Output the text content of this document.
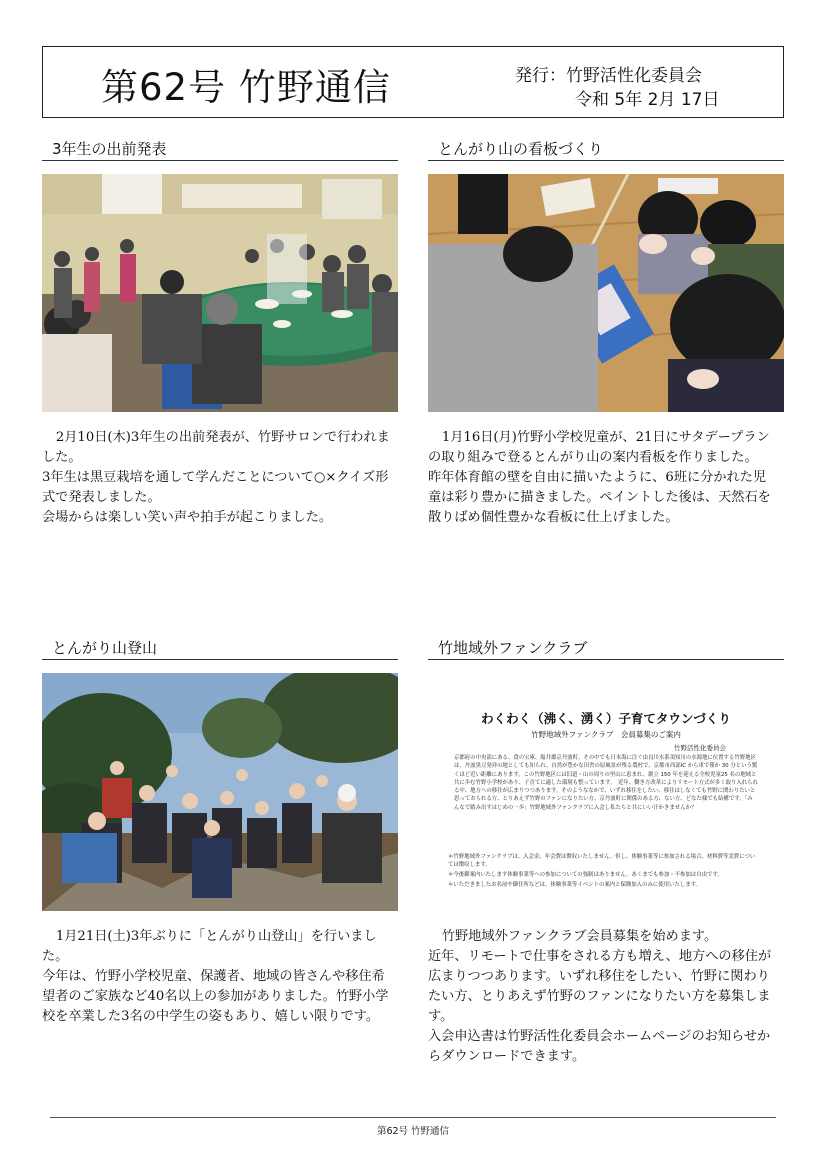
第62号 竹野通信	発行：竹野活性化委員会
令和 5年 2月 17日
3年生の出前発表

2月10日(木)3年生の出前発表が、竹野サロンで行われました。

3年生は黒豆栽培を通して学んだことについて○×クイズ形式で発表しました。

会場からは楽しい笑い声や拍手が起こりました。

とんがり山の看板づくり

1月16日(月)竹野小学校児童が、21日にサタデープランの取り組みで登るとんがり山の案内看板を作りました。

昨年体育館の壁を自由に描いたように、6班に分かれた児童は彩り豊かに描きました。ペイントした後は、天然石を散りばめ個性豊かな看板に仕上げました。

とんがり山登山

1月21日(土)3年ぶりに「とんがり山登山」を行いました。

今年は、竹野小学校児童、保護者、地域の皆さんや移住希望者のご家族など40名以上の参加がありました。竹野小学校を卒業した3名の中学生の姿もあり、嬉しい限りです。

竹地域外ファンクラブ
わくわく（沸く、湧く）子育てタウンづくり
竹野地域外ファンクラブ　会員募集のご案内
竹野活性化委員会
京都府の中央部にある、食の宝庫、船井郡京丹波町。その中でも日本海に注ぐ由良川水系須知川の水源地に位置する竹野地区は、丹波黒豆発祥の地としても知られ、自然が豊かな田舎の原風景が残る農村で、京都市西部IC から車で僅か 30 分という驚くほど近い距離にあります。この竹野地区には旧道・山の周りの里山に恵まれ、創立 150 年を迎える全校児童25 名の地域と共に歩む竹野小学校があり、子育てに適した環境も整っています。　近年、働き方改革によりリモート方式が多く取り入れられる中、地方への移住が広まりつつあります。そのようななかで、いずれ移住をしたい、移住はしなくても竹野に関わりたいと思っておられる方、とりあえず竹野のファンになりたい方、京丹波町に関係のある方、ない方、どなた様でも結構です。「みんなで踏み出すはじめの一歩」竹野地域外ファンクラブに入会し私たちと共にいい汗かきませんか？
＊竹野地域外ファンクラブは、入会金、年会費は徴収いたしません。但し、体験事業等に参加される場合、材料費等実費については徴収します。
＊今後御案内いたします体験事業等への参加についての強制はありません。あくまでも参加・不参加は自由です。
＊いただきましたお名前や御住所などは、体験事業等イベントの案内と保険加入のみに使用いたします。

竹野地域外ファンクラブ会員募集を始めます。

近年、リモートで仕事をされる方も増え、地方への移住が広まりつつあります。いずれ移住をしたい、竹野に関わりたい方、とりあえず竹野のファンになりたい方を募集します。

入会申込書は竹野活性化委員会ホームページのお知らせからダウンロードできます。

第62号 竹野通信
